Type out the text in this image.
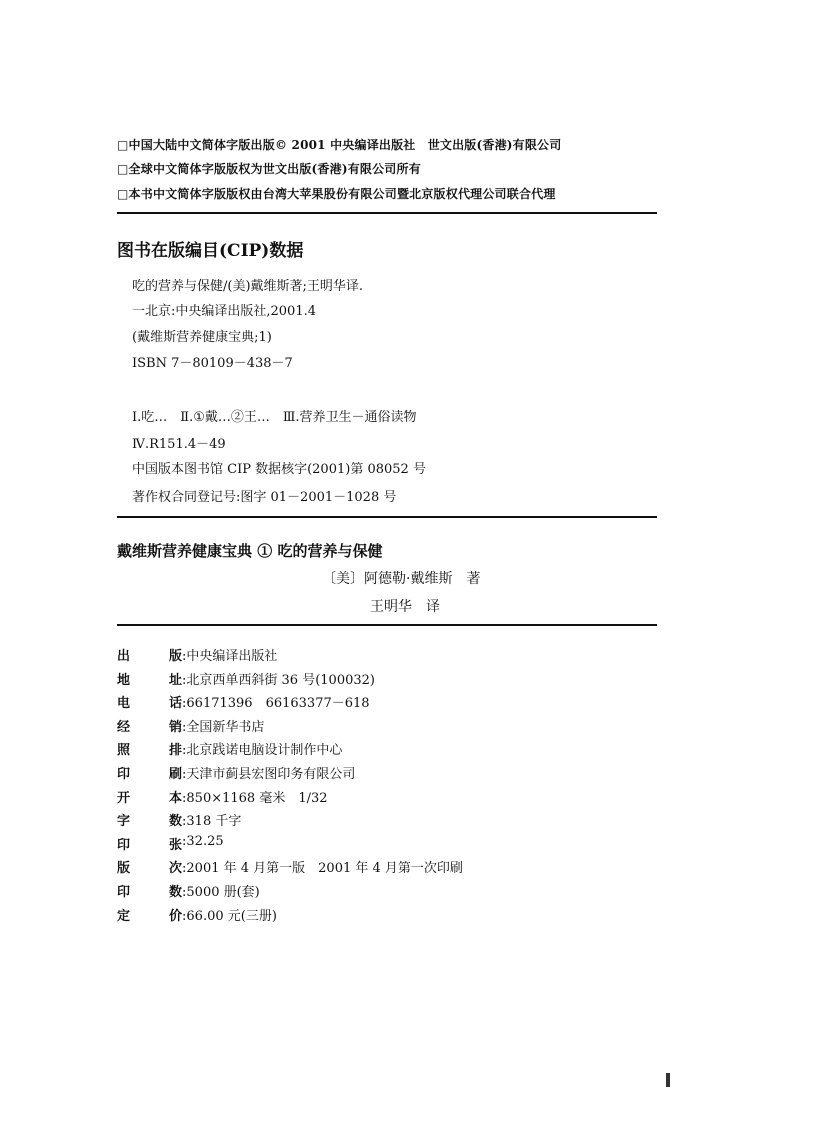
□中国大陆中文简体字版出版© 2001 中央编译出版社　世文出版(香港)有限公司
□全球中文简体字版版权为世文出版(香港)有限公司所有
□本书中文简体字版版权由台湾大苹果股份有限公司暨北京版权代理公司联合代理
图书在版编目(CIP)数据
吃的营养与保健/(美)戴维斯著;王明华译.
一北京:中央编译出版社,2001.4
(戴维斯营养健康宝典;1)
ISBN 7－80109－438－7
Ⅰ.吃…　Ⅱ.①戴…②王…　Ⅲ.营养卫生－通俗读物
Ⅳ.R151.4－49
中国版本图书馆 CIP 数据核字(2001)第 08052 号
著作权合同登记号:图字 01－2001－1028 号
戴维斯营养健康宝典 ① 吃的营养与保健
〔美〕阿德勒·戴维斯　著
王明华　译
出	版 :中央编译出版社
地	址 :北京西单西斜街 36 号(100032)
电	话 :66171396　66163377－618
经	销 :全国新华书店
照	排 :北京践诺电脑设计制作中心
印	刷 :天津市蓟县宏图印务有限公司
开	本 :850×1168 毫米　1/32
字	数 :318 千字
印	张 :32.25
版	次 :2001 年 4 月第一版　2001 年 4 月第一次印刷
印	数 :5000 册(套)
定	价 :66.00 元(三册)
